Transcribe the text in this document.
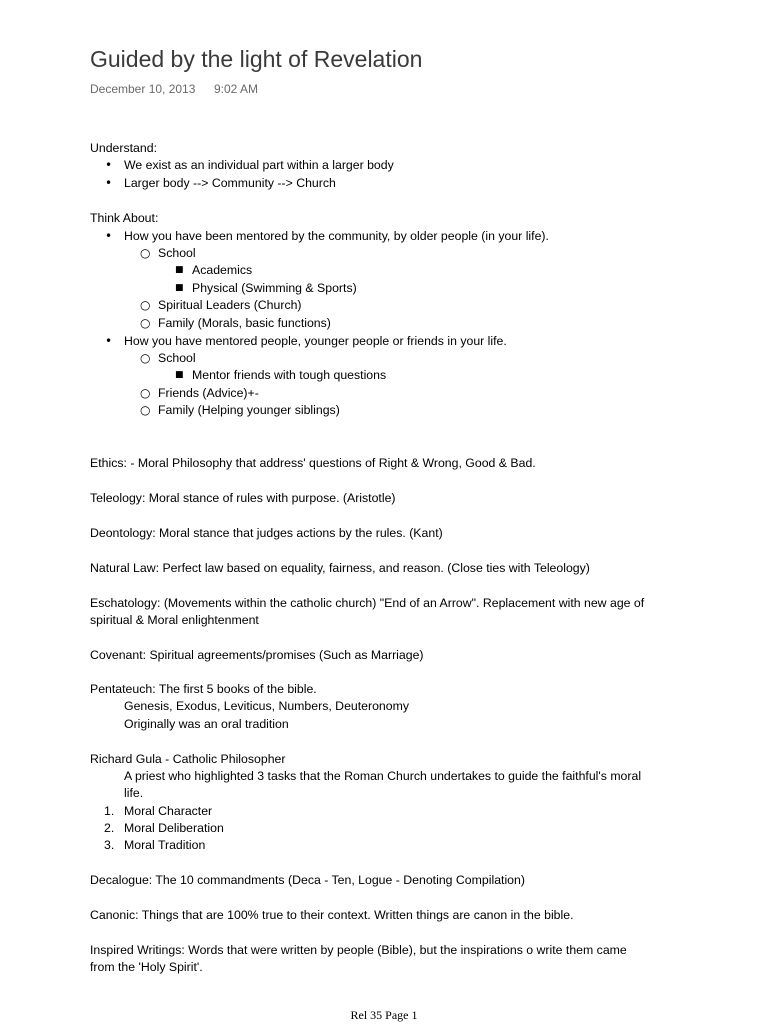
Guided by the light of Revelation
December 10, 2013 9:02 AM
Understand:
• We exist as an individual part within a larger body
• Larger body --> Community --> Church
Think About:
• How you have been mentored by the community, by older people (in your life).
○ School
■ Academics
■ Physical (Swimming & Sports)
○ Spiritual Leaders (Church)
○ Family (Morals, basic functions)
• How you have mentored people, younger people or friends in your life.
○ School
■ Mentor friends with tough questions
○ Friends (Advice)+-
○ Family (Helping younger siblings)
Ethics: - Moral Philosophy that address' questions of Right & Wrong, Good & Bad.
Teleology: Moral stance of rules with purpose. (Aristotle)
Deontology: Moral stance that judges actions by the rules. (Kant)
Natural Law: Perfect law based on equality, fairness, and reason. (Close ties with Teleology)
Eschatology: (Movements within the catholic church) "End of an Arrow". Replacement with new age of
spiritual & Moral enlightenment
Covenant: Spiritual agreements/promises (Such as Marriage)
Pentateuch: The first 5 books of the bible.
Genesis, Exodus, Leviticus, Numbers, Deuteronomy
Originally was an oral tradition
Richard Gula - Catholic Philosopher
A priest who highlighted 3 tasks that the Roman Church undertakes to guide the faithful's moral
life.
1. Moral Character
2. Moral Deliberation
3. Moral Tradition
Decalogue: The 10 commandments (Deca - Ten, Logue - Denoting Compilation)
Canonic: Things that are 100% true to their context. Written things are canon in the bible.
Inspired Writings: Words that were written by people (Bible), but the inspirations o write them came
from the 'Holy Spirit'.
Rel 35 Page 1
